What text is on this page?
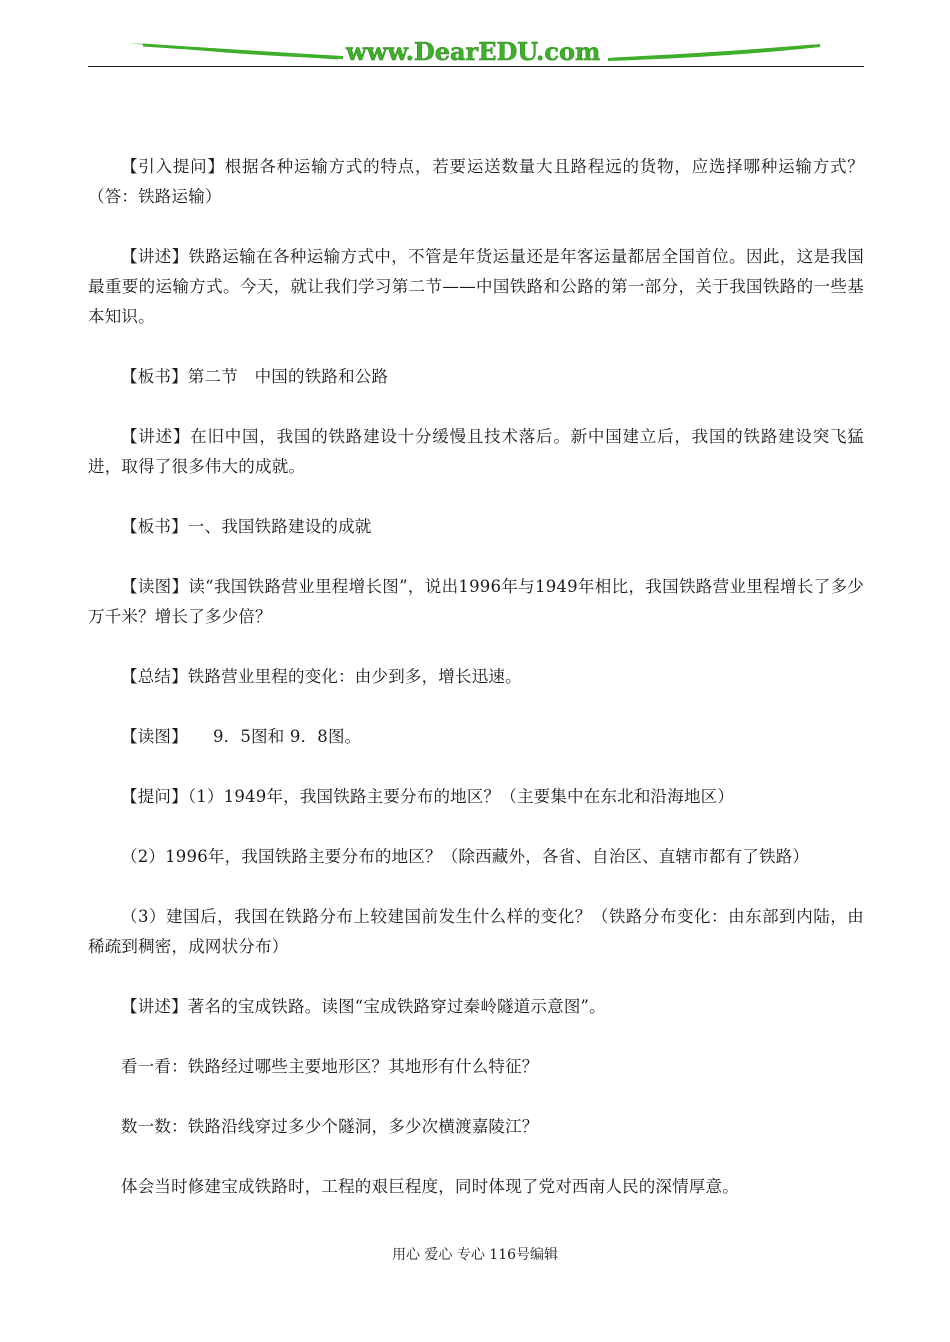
www.DearEDU.com

【引入提问】根据各种运输方式的特点，若要运送数量大且路程远的货物，应选择哪种运输方式？（答：铁路运输）

【讲述】铁路运输在各种运输方式中，不管是年货运量还是年客运量都居全国首位。因此，这是我国最重要的运输方式。今天，就让我们学习第二节——中国铁路和公路的第一部分，关于我国铁路的一些基本知识。

【板书】第二节　中国的铁路和公路

【讲述】在旧中国，我国的铁路建设十分缓慢且技术落后。新中国建立后，我国的铁路建设突飞猛进，取得了很多伟大的成就。

【板书】一、我国铁路建设的成就

【读图】读“我国铁路营业里程增长图”，说出1996年与1949年相比，我国铁路营业里程增长了多少万千米？增长了多少倍？

【总结】铁路营业里程的变化：由少到多，增长迅速。

【读图】　　9．5图和 9．8图。

【提问】（1）1949年，我国铁路主要分布的地区？（主要集中在东北和沿海地区）

（2）1996年，我国铁路主要分布的地区？（除西藏外，各省、自治区、直辖市都有了铁路）

（3）建国后，我国在铁路分布上较建国前发生什么样的变化？（铁路分布变化：由东部到内陆，由稀疏到稠密，成网状分布）

【讲述】著名的宝成铁路。读图“宝成铁路穿过秦岭隧道示意图”。

看一看：铁路经过哪些主要地形区？其地形有什么特征？

数一数：铁路沿线穿过多少个隧洞，多少次横渡嘉陵江？

体会当时修建宝成铁路时，工程的艰巨程度，同时体现了党对西南人民的深情厚意。

用心 爱心 专心 116号编辑
